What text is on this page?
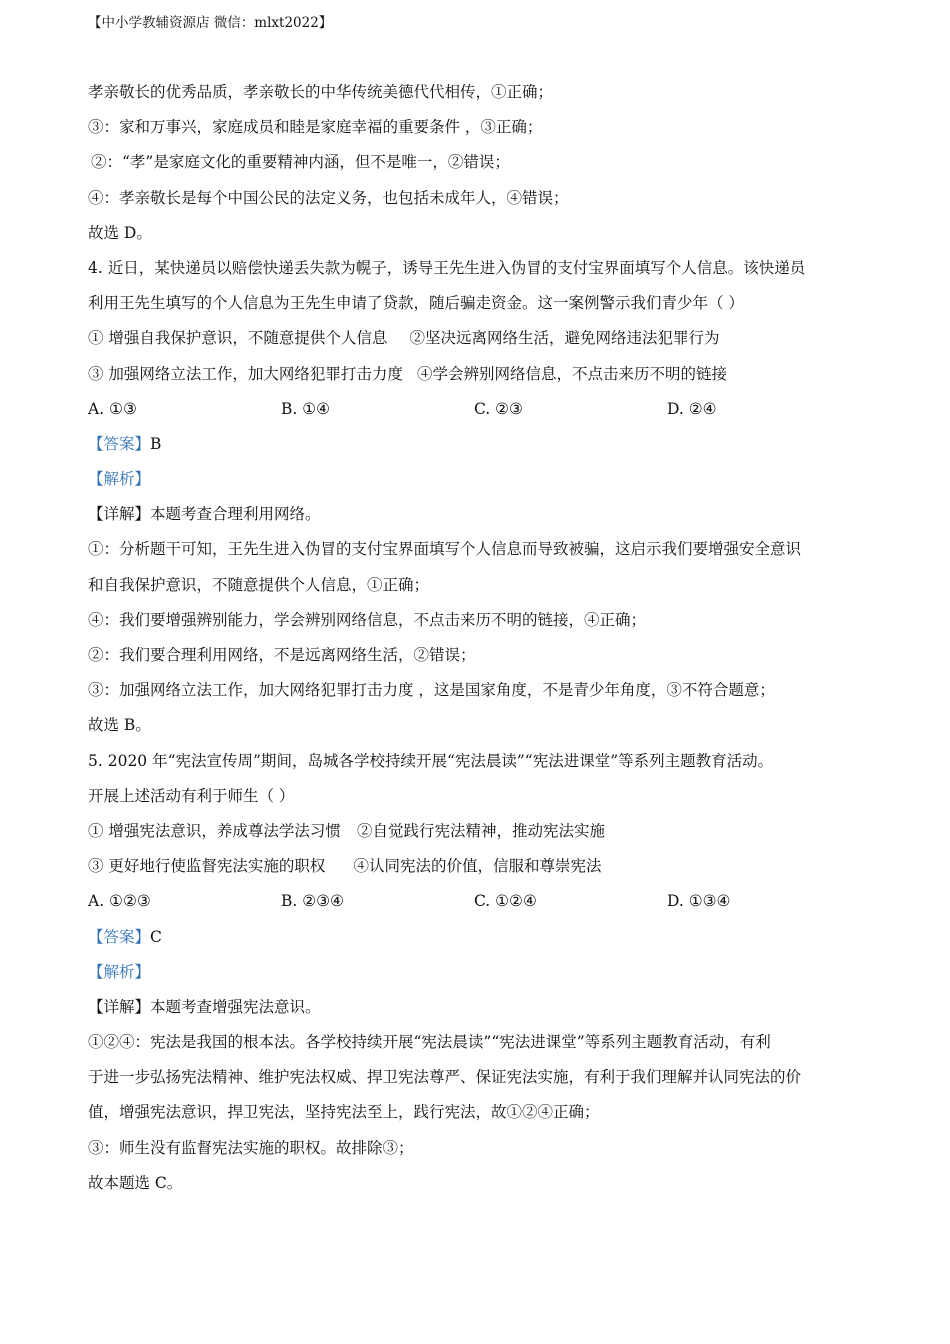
【中小学教辅资源店 微信：mlxt2022】
孝亲敬长的优秀品质，孝亲敬长的中华传统美德代代相传，①正确；
③：家和万事兴，家庭成员和睦是家庭幸福的重要条件 ，③正确；
②：“孝”是家庭文化的重要精神内涵，但不是唯一，②错误；
④：孝亲敬长是每个中国公民的法定义务，也包括未成年人，④错误；
故选 D。
4. 近日，某快递员以赔偿快递丢失款为幌子，诱导王先生进入伪冒的支付宝界面填写个人信息。该快递员
利用王先生填写的个人信息为王先生申请了贷款，随后骗走资金。这一案例警示我们青少年（ ）
① 增强自我保护意识，不随意提供个人信息 ②坚决远离网络生活，避免网络违法犯罪行为
③ 加强网络立法工作，加大网络犯罪打击力度 ④学会辨别网络信息，不点击来历不明的链接
A. ①③	B. ①④	C. ②③	D. ②④
【答案】B
【解析】
【详解】本题考查合理利用网络。
①：分析题干可知，王先生进入伪冒的支付宝界面填写个人信息而导致被骗，这启示我们要增强安全意识
和自我保护意识，不随意提供个人信息，①正确；
④：我们要增强辨别能力，学会辨别网络信息，不点击来历不明的链接，④正确；
②：我们要合理利用网络，不是远离网络生活，②错误；
③：加强网络立法工作，加大网络犯罪打击力度 ，这是国家角度，不是青少年角度，③不符合题意；
故选 B。
5. 2020 年“宪法宣传周”期间，岛城各学校持续开展“宪法晨读”“宪法进课堂”等系列主题教育活动。
开展上述活动有利于师生（ ）
① 增强宪法意识，养成尊法学法习惯 ②自觉践行宪法精神，推动宪法实施
③ 更好地行使监督宪法实施的职权 ④认同宪法的价值，信服和尊崇宪法
A. ①②③	B. ②③④	C. ①②④	D. ①③④
【答案】C
【解析】
【详解】本题考查增强宪法意识。
①②④：宪法是我国的根本法。各学校持续开展“宪法晨读”“宪法进课堂”等系列主题教育活动，有利
于进一步弘扬宪法精神、维护宪法权威、捍卫宪法尊严、保证宪法实施，有利于我们理解并认同宪法的价
值，增强宪法意识，捍卫宪法，坚持宪法至上，践行宪法，故①②④正确；
③：师生没有监督宪法实施的职权。故排除③；
故本题选 C。
